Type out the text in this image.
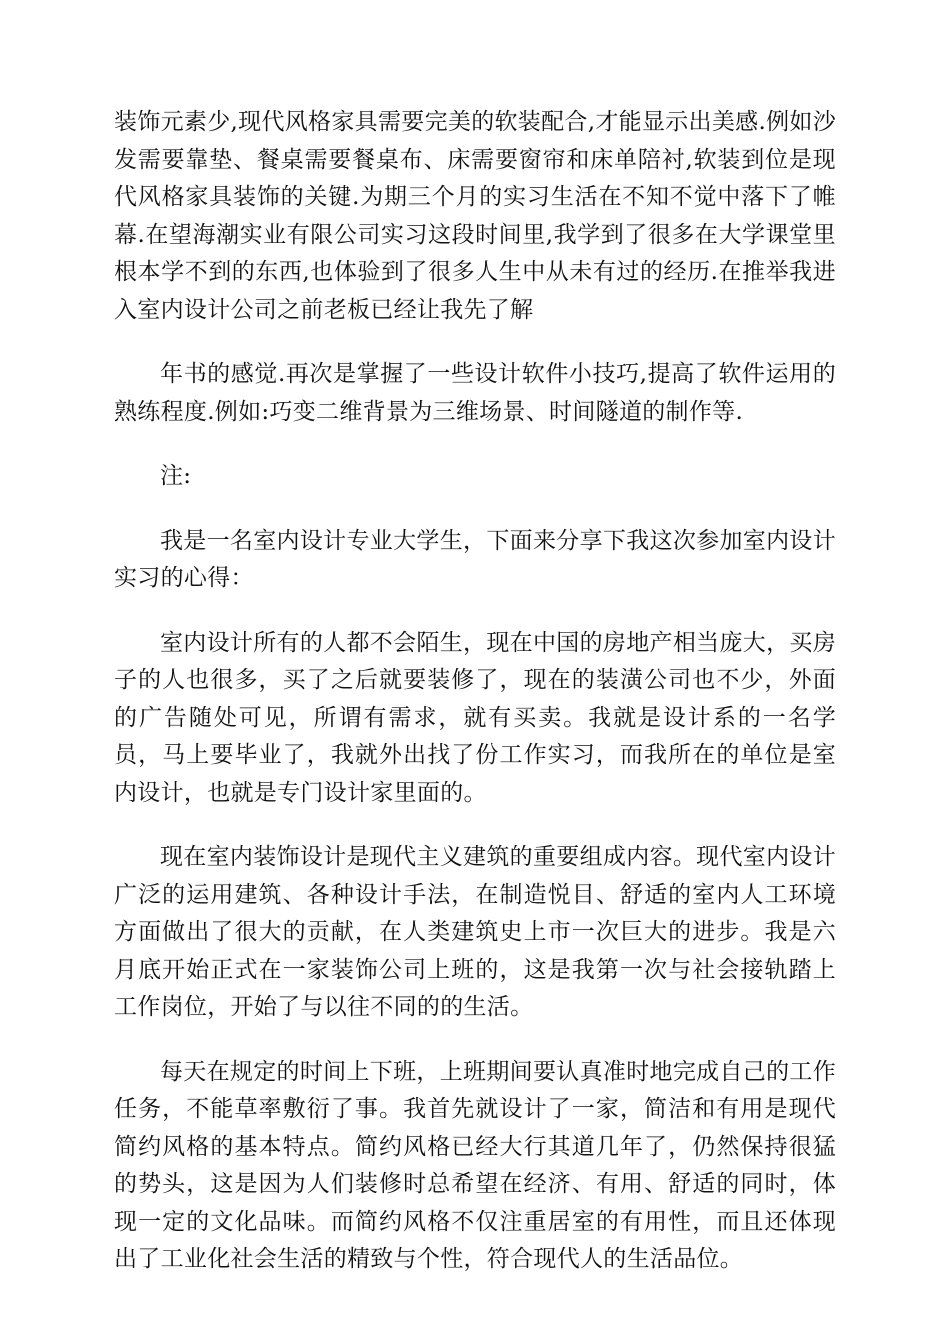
装饰元素少,现代风格家具需要完美的软装配合,才能显示出美感.例如沙发需要靠垫、餐桌需要餐桌布、床需要窗帘和床单陪衬,软装到位是现代风格家具装饰的关键.为期三个月的实习生活在不知不觉中落下了帷幕.在望海潮实业有限公司实习这段时间里,我学到了很多在大学课堂里根本学不到的东西,也体验到了很多人生中从未有过的经历.在推举我进入室内设计公司之前老板已经让我先了解

年书的感觉.再次是掌握了一些设计软件小技巧,提高了软件运用的熟练程度.例如:巧变二维背景为三维场景、时间隧道的制作等.

注:

我是一名室内设计专业大学生，下面来分享下我这次参加室内设计实习的心得：

室内设计所有的人都不会陌生，现在中国的房地产相当庞大，买房子的人也很多，买了之后就要装修了，现在的装潢公司也不少，外面的广告随处可见，所谓有需求，就有买卖。我就是设计系的一名学员，马上要毕业了，我就外出找了份工作实习，而我所在的单位是室内设计，也就是专门设计家里面的。

现在室内装饰设计是现代主义建筑的重要组成内容。现代室内设计广泛的运用建筑、各种设计手法，在制造悦目、舒适的室内人工环境方面做出了很大的贡献，在人类建筑史上市一次巨大的进步。我是六月底开始正式在一家装饰公司上班的，这是我第一次与社会接轨踏上工作岗位，开始了与以往不同的的生活。

每天在规定的时间上下班，上班期间要认真准时地完成自己的工作任务，不能草率敷衍了事。我首先就设计了一家，简洁和有用是现代简约风格的基本特点。简约风格已经大行其道几年了，仍然保持很猛的势头，这是因为人们装修时总希望在经济、有用、舒适的同时，体现一定的文化品味。而简约风格不仅注重居室的有用性，而且还体现出了工业化社会生活的精致与个性，符合现代人的生活品位。
